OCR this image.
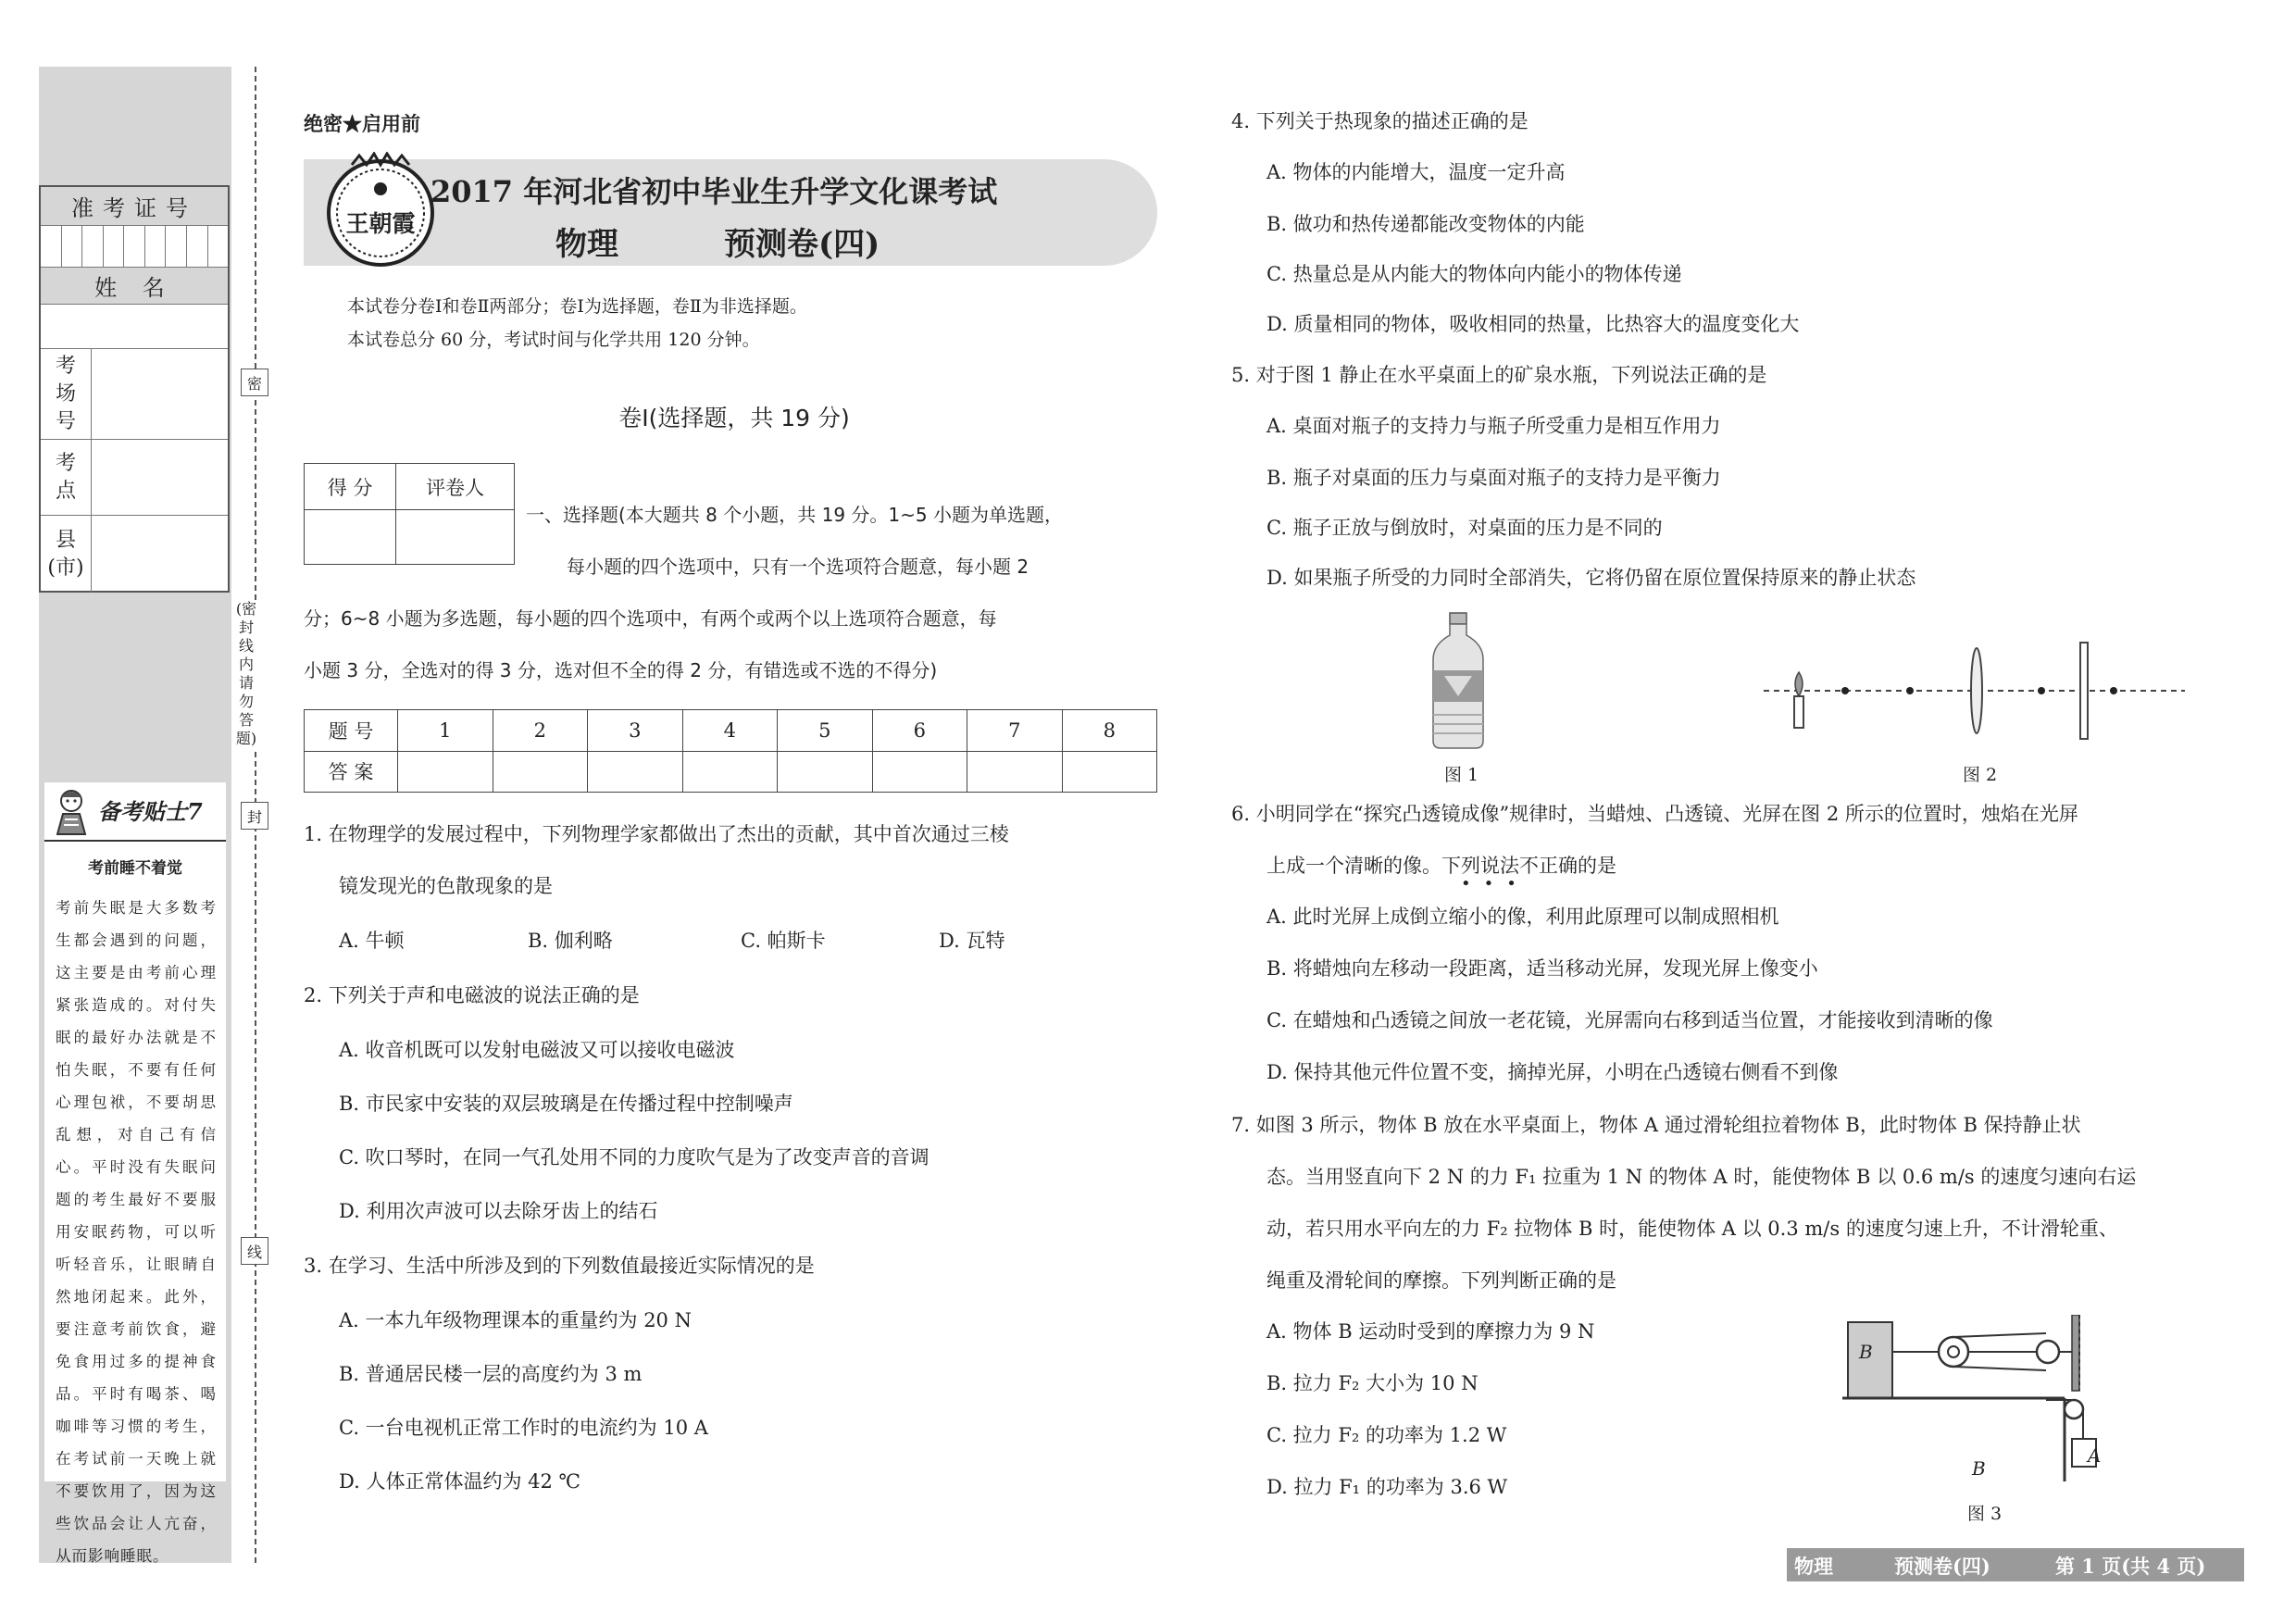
准考证号
姓 名
考
场
号
考
点
县
(市)
备考贴士7
考前睡不着觉
考前失眠是大多数考生都会遇到的问题，这主要是由考前心理紧张造成的。对付失眠的最好办法就是不怕失眠，不要有任何心理包袱，不要胡思乱想，对自己有信心。平时没有失眠问题的考生最好不要服用安眠药物，可以听听轻音乐，让眼睛自然地闭起来。此外，要注意考前饮食，避免食用过多的提神食品。平时有喝茶、喝咖啡等习惯的考生，在考试前一天晚上就不要饮用了，因为这些饮品会让人亢奋，从而影响睡眠。
密
(密封线内请勿答题)
封
线
绝密★启用前
王朝霞
2017 年河北省初中毕业生升学文化课考试
物理	预测卷(四)
本试卷分卷Ⅰ和卷Ⅱ两部分；卷Ⅰ为选择题，卷Ⅱ为非选择题。
本试卷总分 60 分，考试时间与化学共用 120 分钟。
卷Ⅰ(选择题，共 19 分)
得 分	评卷人

一、选择题(本大题共 8 个小题，共 19 分。1~5 小题为单选题，
每小题的四个选项中，只有一个选项符合题意，每小题 2
分；6~8 小题为多选题，每小题的四个选项中，有两个或两个以上选项符合题意，每
小题 3 分，全选对的得 3 分，选对但不全的得 2 分，有错选或不选的不得分)
题 号	1	2	3	4	5	6	7	8
答 案								
1. 在物理学的发展过程中，下列物理学家都做出了杰出的贡献，其中首次通过三棱
镜发现光的色散现象的是
A. 牛顿	B. 伽利略	C. 帕斯卡	D. 瓦特
2. 下列关于声和电磁波的说法正确的是
A. 收音机既可以发射电磁波又可以接收电磁波
B. 市民家中安装的双层玻璃是在传播过程中控制噪声
C. 吹口琴时，在同一气孔处用不同的力度吹气是为了改变声音的音调
D. 利用次声波可以去除牙齿上的结石
3. 在学习、生活中所涉及到的下列数值最接近实际情况的是
A. 一本九年级物理课本的重量约为 20 N
B. 普通居民楼一层的高度约为 3 m
C. 一台电视机正常工作时的电流约为 10 A
D. 人体正常体温约为 42 ℃
4. 下列关于热现象的描述正确的是
A. 物体的内能增大，温度一定升高
B. 做功和热传递都能改变物体的内能
C. 热量总是从内能大的物体向内能小的物体传递
D. 质量相同的物体，吸收相同的热量，比热容大的温度变化大
5. 对于图 1 静止在水平桌面上的矿泉水瓶，下列说法正确的是
A. 桌面对瓶子的支持力与瓶子所受重力是相互作用力
B. 瓶子对桌面的压力与桌面对瓶子的支持力是平衡力
C. 瓶子正放与倒放时，对桌面的压力是不同的
D. 如果瓶子所受的力同时全部消失，它将仍留在原位置保持原来的静止状态
图 1	图 2
6. 小明同学在“探究凸透镜成像”规律时，当蜡烛、凸透镜、光屏在图 2 所示的位置时，烛焰在光屏
上成一个清晰的像。下列说法不正确的是
•••
A. 此时光屏上成倒立缩小的像，利用此原理可以制成照相机
B. 将蜡烛向左移动一段距离，适当移动光屏，发现光屏上像变小
C. 在蜡烛和凸透镜之间放一老花镜，光屏需向右移到适当位置，才能接收到清晰的像
D. 保持其他元件位置不变，摘掉光屏，小明在凸透镜右侧看不到像
7. 如图 3 所示，物体 B 放在水平桌面上，物体 A 通过滑轮组拉着物体 B，此时物体 B 保持静止状
态。当用竖直向下 2 N 的力 F₁ 拉重为 1 N 的物体 A 时，能使物体 B 以 0.6 m/s 的速度匀速向右运
动，若只用水平向左的力 F₂ 拉物体 B 时，能使物体 A 以 0.3 m/s 的速度匀速上升，不计滑轮重、
绳重及滑轮间的摩擦。下列判断正确的是
A. 物体 B 运动时受到的摩擦力为 9 N
B. 拉力 F₂ 大小为 10 N
C. 拉力 F₂ 的功率为 1.2 W
D. 拉力 F₁ 的功率为 3.6 W
B
A
B
图 3
物理	预测卷(四)	第 1 页(共 4 页)
